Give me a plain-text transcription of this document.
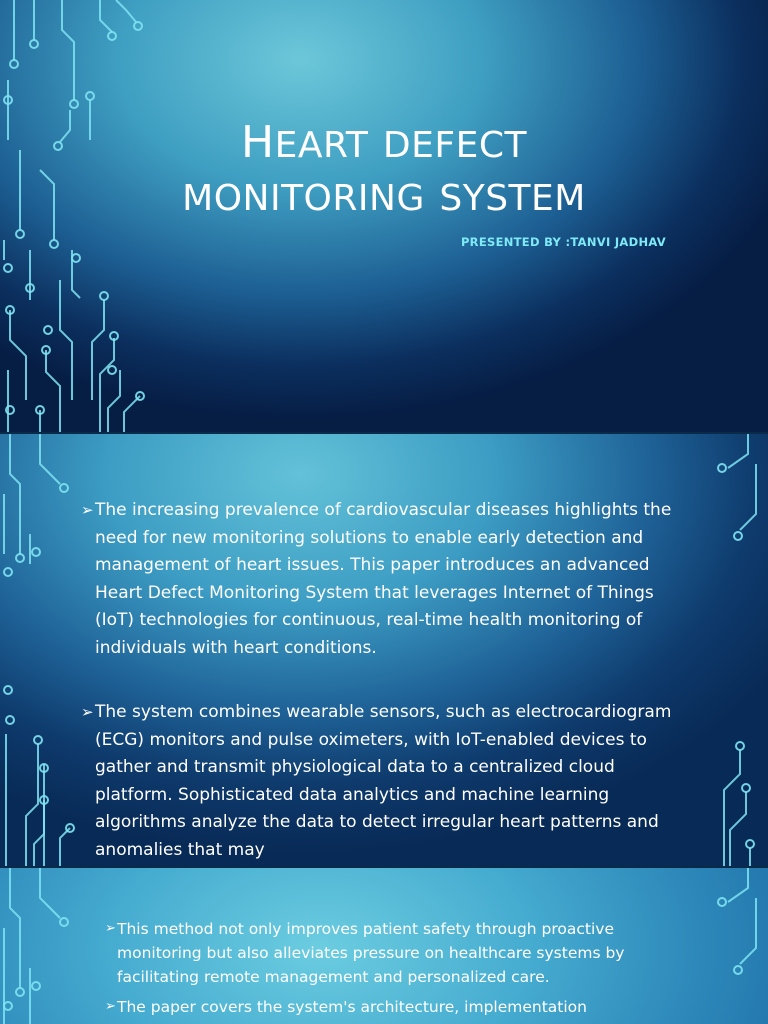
HEART DEFECT
MONITORING SYSTEM
PRESENTED BY :TANVI JADHAV
➢ The increasing prevalence of cardiovascular diseases highlights the need for new monitoring solutions to enable early detection and management of heart issues. This paper introduces an advanced Heart Defect Monitoring System that leverages Internet of Things (IoT) technologies for continuous, real-time health monitoring of individuals with heart conditions.
➢ The system combines wearable sensors, such as electrocardiogram (ECG) monitors and pulse oximeters, with IoT-enabled devices to gather and transmit physiological data to a centralized cloud platform. Sophisticated data analytics and machine learning algorithms analyze the data to detect irregular heart patterns and anomalies that may
➢ This method not only improves patient safety through proactive monitoring but also alleviates pressure on healthcare systems by facilitating remote management and personalized care.
➢ The paper covers the system's architecture, implementation
